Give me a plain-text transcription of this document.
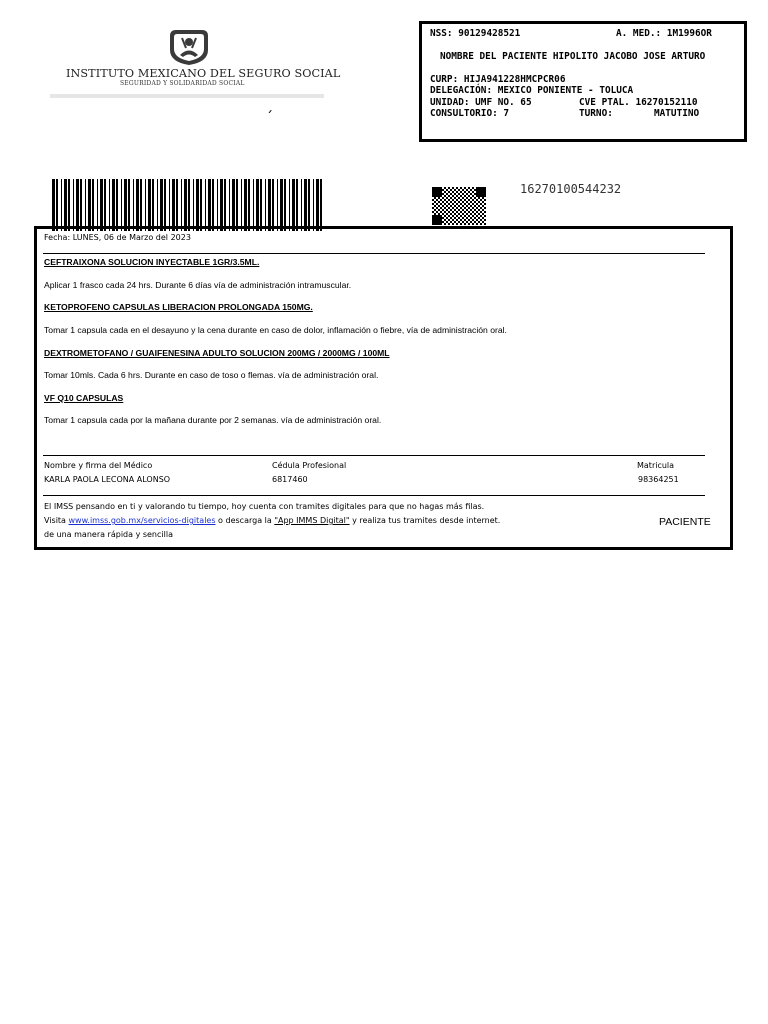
INSTITUTO MEXICANO DEL SEGURO SOCIAL
SEGURIDAD Y SOLIDARIDAD SOCIAL
´
NSS: 90129428521	A. MED.: 1M1996OR
NOMBRE DEL PACIENTE HIPOLITO JACOBO JOSE ARTURO
CURP: HIJA941228HMCPCR06
DELEGACIÓN: MEXICO PONIENTE - TOLUCA
UNIDAD: UMF NO. 65	CVE PTAL. 16270152110
CONSULTORIO: 7	TURNO:	MATUTINO
16270100544232
Fecha: LUNES, 06 de Marzo del 2023
CEFTRAIXONA SOLUCION INYECTABLE 1GR/3.5ML.
Aplicar 1 frasco cada 24 hrs. Durante 6 días vía de administración intramuscular.
KETOPROFENO CAPSULAS LIBERACION PROLONGADA 150MG.
Tomar 1 capsula cada en el desayuno y la cena durante en caso de dolor, inflamación o fiebre, vía de administración oral.
DEXTROMETOFANO / GUAIFENESINA ADULTO SOLUCION 200MG / 2000MG / 100ML
Tomar 10mls. Cada 6 hrs. Durante en caso de toso o flemas. vía de administración oral.
VF Q10 CAPSULAS
Tomar 1 capsula cada por la mañana durante por 2 semanas. vía de administración oral.
Nombre y firma del Médico	Cédula Profesional	Matricula
KARLA PAOLA LECONA ALONSO	6817460	98364251
El IMSS pensando en ti y valorando tu tiempo, hoy cuenta con tramites digitales para que no hagas más filas.
Visita www.imss.gob.mx/servicios-digitales o descarga la "App IMMS Digital" y realiza tus tramites desde internet.
de una manera rápida y sencilla
PACIENTE
